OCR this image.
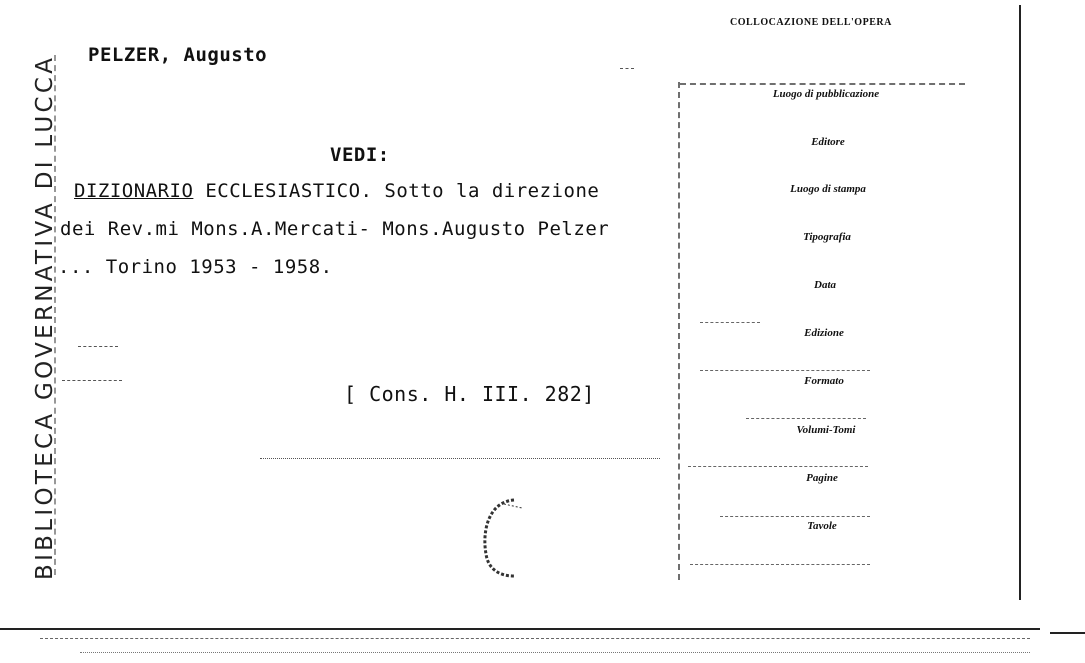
BIBLIOTECA GOVERNATIVA DI LUCCA PELZER, Augusto
VEDI:
DIZIONARIO ECCLESIASTICO. Sotto la direzione
dei Rev.mi Mons.A.Mercati- Mons.Augusto Pelzer
... Torino 1953 - 1958.
[ Cons. H. III. 282]
COLLOCAZIONE DELL'OPERA
Luogo di pubblicazione
Editore
Luogo di stampa
Tipografia
Data
Edizione
Formato
Volumi-Tomi
Pagine
Tavole
